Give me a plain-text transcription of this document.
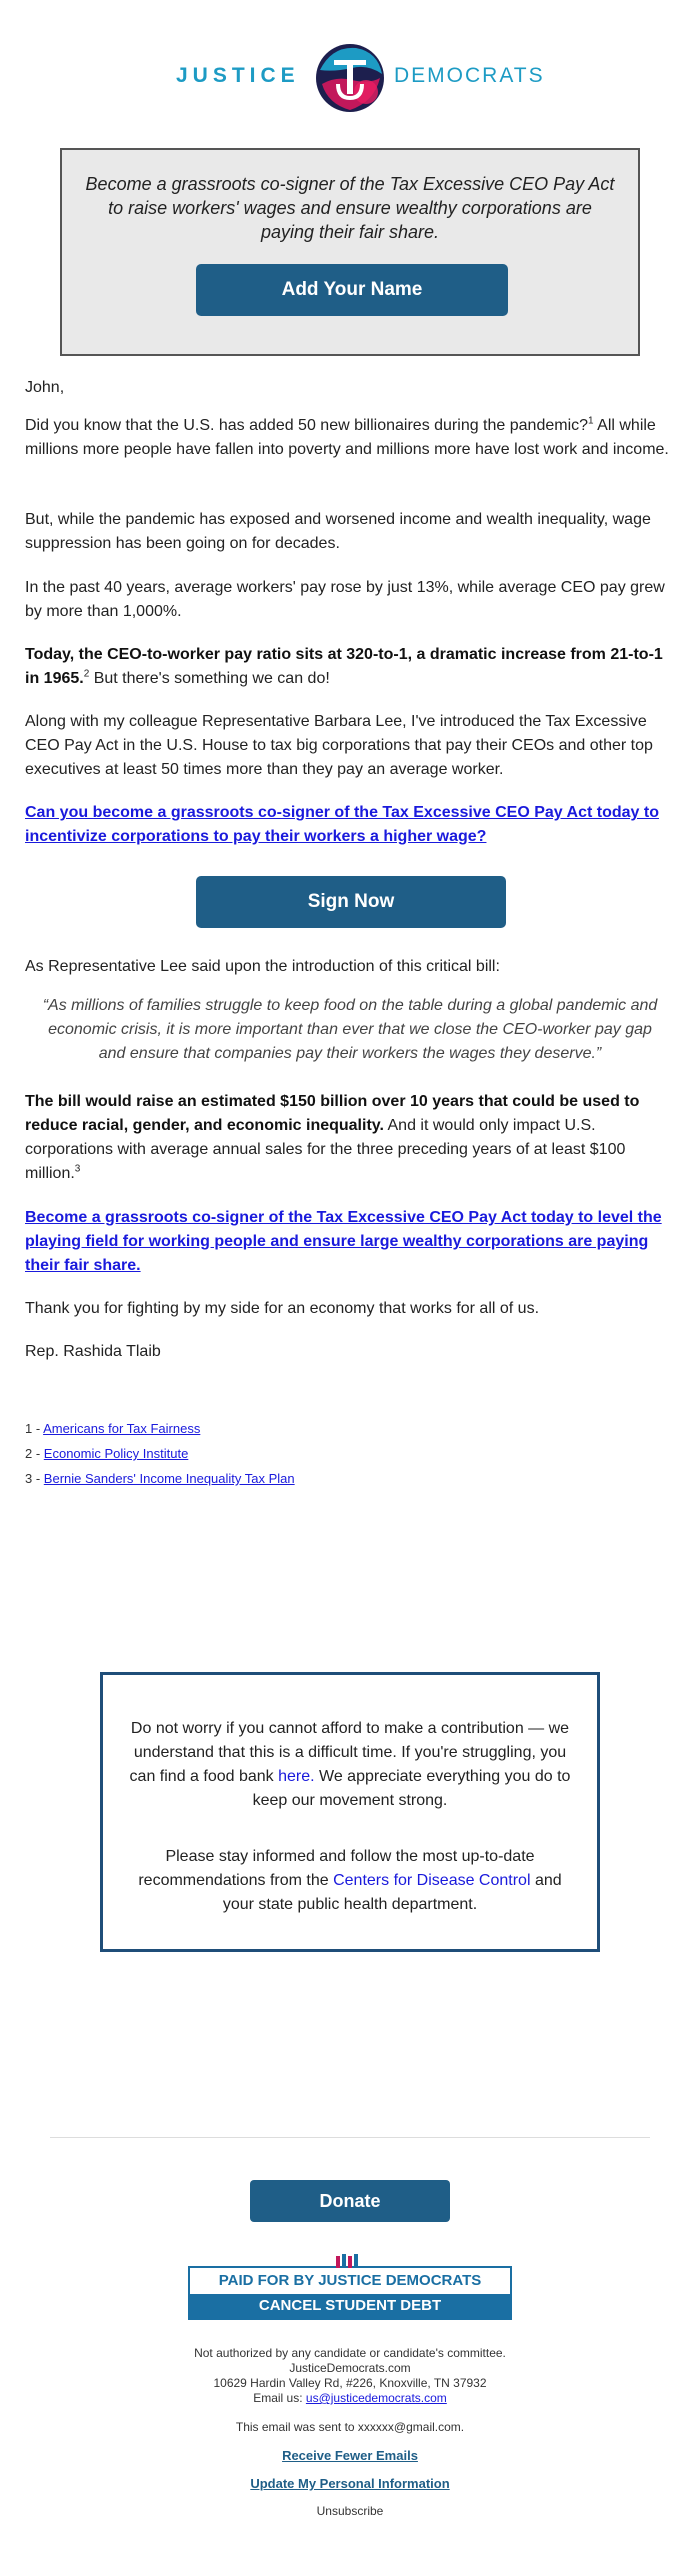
JUSTICE	DEMOCRATS
Become a grassroots co-signer of the Tax Excessive CEO Pay Act to raise workers' wages and ensure wealthy corporations are paying their fair share.
Add Your Name
John,
Did you know that the U.S. has added 50 new billionaires during the pandemic?$^1$ All while millions more people have fallen into poverty and millions more have lost work and income.
But, while the pandemic has exposed and worsened income and wealth inequality, wage suppression has been going on for decades.
In the past 40 years, average workers' pay rose by just 13%, while average CEO pay grew by more than 1,000%.
Today, the CEO-to-worker pay ratio sits at 320-to-1, a dramatic increase from 21-to-1 in 1965.$^2$ But there's something we can do!
Along with my colleague Representative Barbara Lee, I've introduced the Tax Excessive CEO Pay Act in the U.S. House to tax big corporations that pay their CEOs and other top executives at least 50 times more than they pay an average worker.
Can you become a grassroots co-signer of the Tax Excessive CEO Pay Act today to incentivize corporations to pay their workers a higher wage?
Sign Now
As Representative Lee said upon the introduction of this critical bill:
“As millions of families struggle to keep food on the table during a global pandemic and economic crisis, it is more important than ever that we close the CEO-worker pay gap and ensure that companies pay their workers the wages they deserve.”
The bill would raise an estimated $150 billion over 10 years that could be used to reduce racial, gender, and economic inequality. And it would only impact U.S. corporations with average annual sales for the three preceding years of at least $100 million.$^3$
Become a grassroots co-signer of the Tax Excessive CEO Pay Act today to level the playing field for working people and ensure large wealthy corporations are paying their fair share.
Thank you for fighting by my side for an economy that works for all of us.
Rep. Rashida Tlaib
1 - Americans for Tax Fairness
2 - Economic Policy Institute
3 - Bernie Sanders' Income Inequality Tax Plan
Do not worry if you cannot afford to make a contribution — we understand that this is a difficult time. If you're struggling, you can find a food bank here. We appreciate everything you do to keep our movement strong.
Please stay informed and follow the most up-to-date recommendations from the Centers for Disease Control and your state public health department.
Donate
PAID FOR BY JUSTICE DEMOCRATS
CANCEL STUDENT DEBT
Not authorized by any candidate or candidate's committee.
JusticeDemocrats.com
10629 Hardin Valley Rd, #226, Knoxville, TN 37932
Email us: us@justicedemocrats.com
This email was sent to xxxxxx@gmail.com.
Receive Fewer Emails
Update My Personal Information
Unsubscribe
